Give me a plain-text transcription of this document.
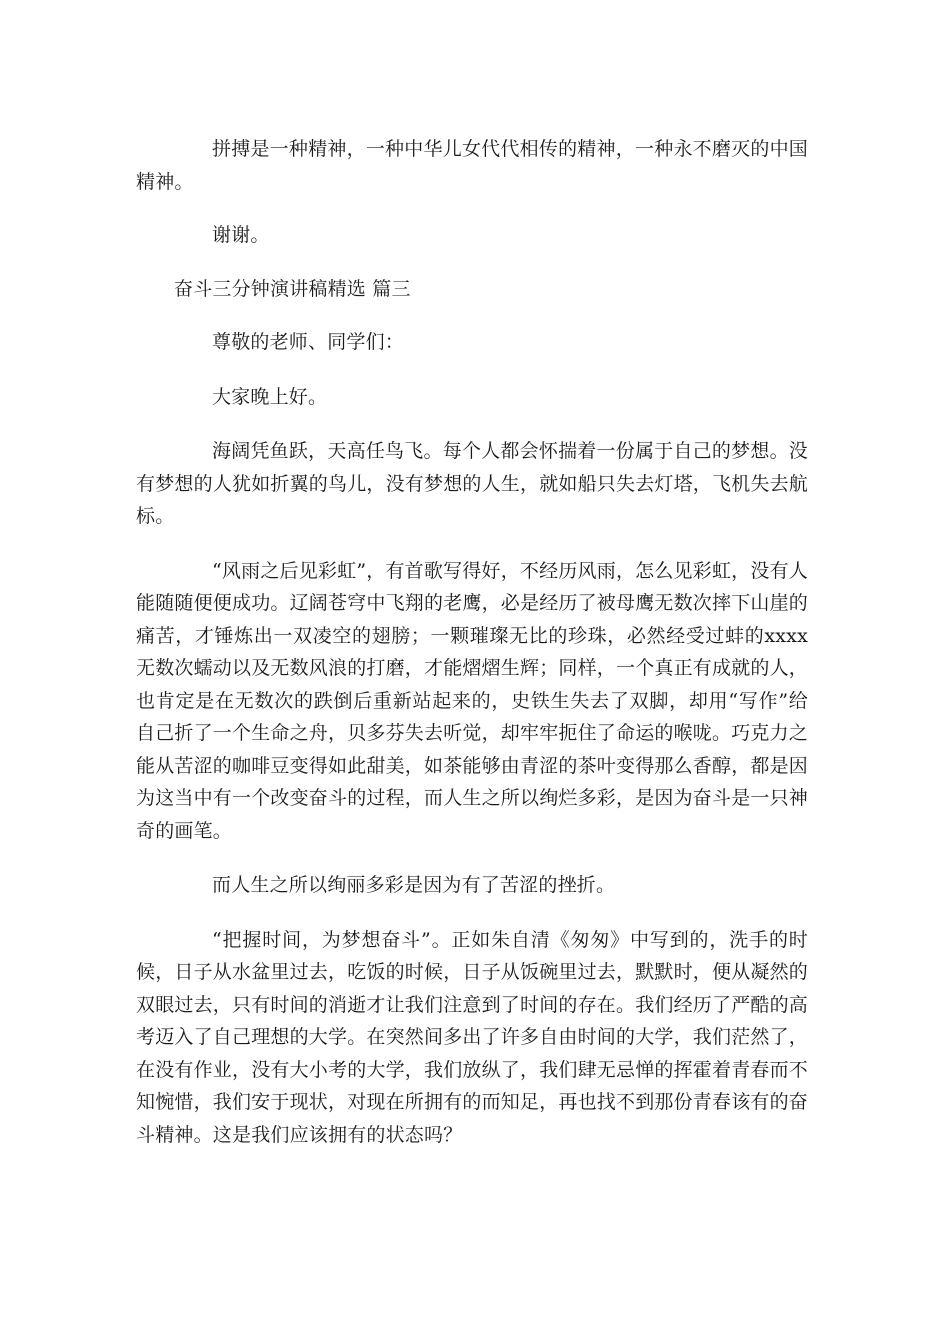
拼搏是一种精神，一种中华儿女代代相传的精神，一种永不磨灭的中国精神。

谢谢。

奋斗三分钟演讲稿精选 篇三

尊敬的老师、同学们：

大家晚上好。

海阔凭鱼跃，天高任鸟飞。每个人都会怀揣着一份属于自己的梦想。没有梦想的人犹如折翼的鸟儿，没有梦想的人生，就如船只失去灯塔，飞机失去航标。

“风雨之后见彩虹”，有首歌写得好，不经历风雨，怎么见彩虹，没有人能随随便便成功。辽阔苍穹中飞翔的老鹰，必是经历了被母鹰无数次摔下山崖的痛苦，才锤炼出一双凌空的翅膀；一颗璀璨无比的珍珠，必然经受过蚌的xxxx无数次蠕动以及无数风浪的打磨，才能熠熠生辉；同样，一个真正有成就的人，也肯定是在无数次的跌倒后重新站起来的，史铁生失去了双脚，却用“写作”给自己折了一个生命之舟，贝多芬失去听觉，却牢牢扼住了命运的喉咙。巧克力之能从苦涩的咖啡豆变得如此甜美，如茶能够由青涩的茶叶变得那么香醇，都是因为这当中有一个改变奋斗的过程，而人生之所以绚烂多彩，是因为奋斗是一只神奇的画笔。

而人生之所以绚丽多彩是因为有了苦涩的挫折。

“把握时间，为梦想奋斗”。正如朱自清《匆匆》中写到的，洗手的时候，日子从水盆里过去，吃饭的时候，日子从饭碗里过去，默默时，便从凝然的双眼过去，只有时间的消逝才让我们注意到了时间的存在。我们经历了严酷的高考迈入了自己理想的大学。在突然间多出了许多自由时间的大学，我们茫然了，在没有作业，没有大小考的大学，我们放纵了，我们肆无忌惮的挥霍着青春而不知惋惜，我们安于现状，对现在所拥有的而知足，再也找不到那份青春该有的奋斗精神。这是我们应该拥有的状态吗？
